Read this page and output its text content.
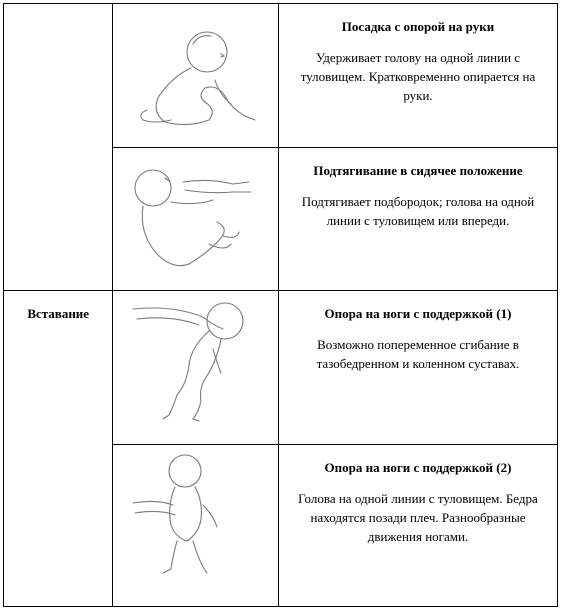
Посадка с опорой на руки
Удерживает голову на одной линии с туловищем. Кратковременно опирается на руки.

Подтягивание в сидячее положение
Подтягивает подбородок; голова на одной линии с туловищем или впереди.

Вставание		Опора на ноги с поддержкой (1)
Возможно попеременное сгибание в тазобедренном и коленном суставах.

Опора на ноги с поддержкой (2)
Голова на одной линии с туловищем. Бедра находятся позади плеч. Разнообразные движения ногами.
